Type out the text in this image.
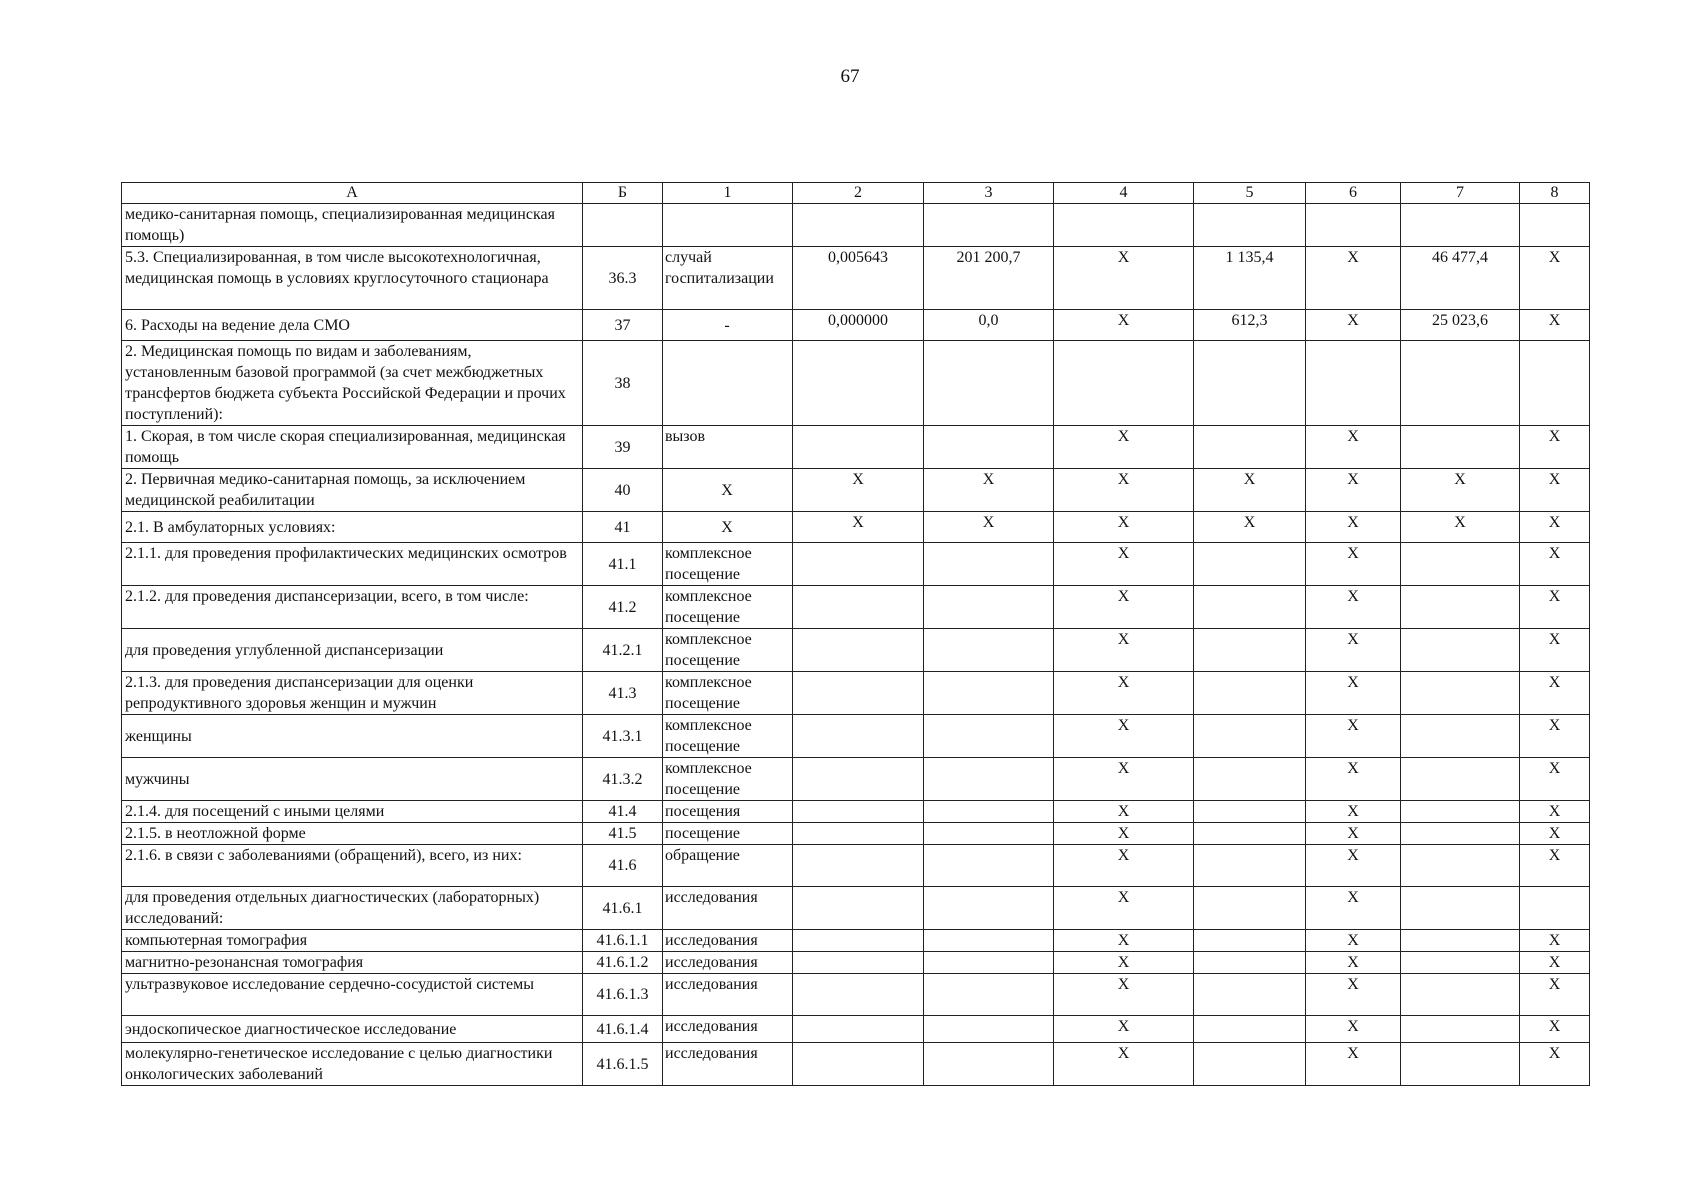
67
А	Б	1	2	3	4	5	6	7	8
медико-санитарная помощь, специализированная медицинская помощь)									
5.3. Специализированная, в том числе высокотехнологичная, медицинская помощь в условиях круглосуточного стационара	36.3	случай госпитализации	0,005643	201 200,7	Х	1 135,4	Х	46 477,4	Х
6. Расходы на ведение дела СМО	37	-	0,000000	0,0	Х	612,3	Х	25 023,6	Х
2. Медицинская помощь по видам и заболеваниям, установленным базовой программой (за счет межбюджетных трансфертов бюджета субъекта Российской Федерации и прочих поступлений):	38								
1. Скорая, в том числе скорая специализированная, медицинская помощь	39	вызов			Х		Х		Х
2. Первичная медико-санитарная помощь, за исключением медицинской реабилитации	40	Х	Х	Х	Х	Х	Х	Х	Х
2.1. В амбулаторных условиях:	41	Х	Х	Х	Х	Х	Х	Х	Х
2.1.1. для проведения профилактических медицинских осмотров	41.1	комплексное посещение			Х		Х		Х
2.1.2. для проведения диспансеризации, всего, в том числе:	41.2	комплексное посещение			Х		Х		Х
для проведения углубленной диспансеризации	41.2.1	комплексное посещение			Х		Х		Х
2.1.3. для проведения диспансеризации для оценки репродуктивного здоровья женщин и мужчин	41.3	комплексное посещение			Х		Х		Х
женщины	41.3.1	комплексное посещение			Х		Х		Х
мужчины	41.3.2	комплексное посещение			Х		Х		Х
2.1.4. для посещений с иными целями	41.4	посещения			Х		Х		Х
2.1.5. в неотложной форме	41.5	посещение			Х		Х		Х
2.1.6. в связи с заболеваниями (обращений), всего, из них:	41.6	обращение			Х		Х		Х
для проведения отдельных диагностических (лабораторных) исследований:	41.6.1	исследования			Х		Х		
компьютерная томография	41.6.1.1	исследования			Х		Х		Х
магнитно-резонансная томография	41.6.1.2	исследования			Х		Х		Х
ультразвуковое исследование сердечно-сосудистой системы	41.6.1.3	исследования			Х		Х		Х
эндоскопическое диагностическое исследование	41.6.1.4	исследования			Х		Х		Х
молекулярно-генетическое исследование с целью диагностики онкологических заболеваний	41.6.1.5	исследования			Х		Х		Х
